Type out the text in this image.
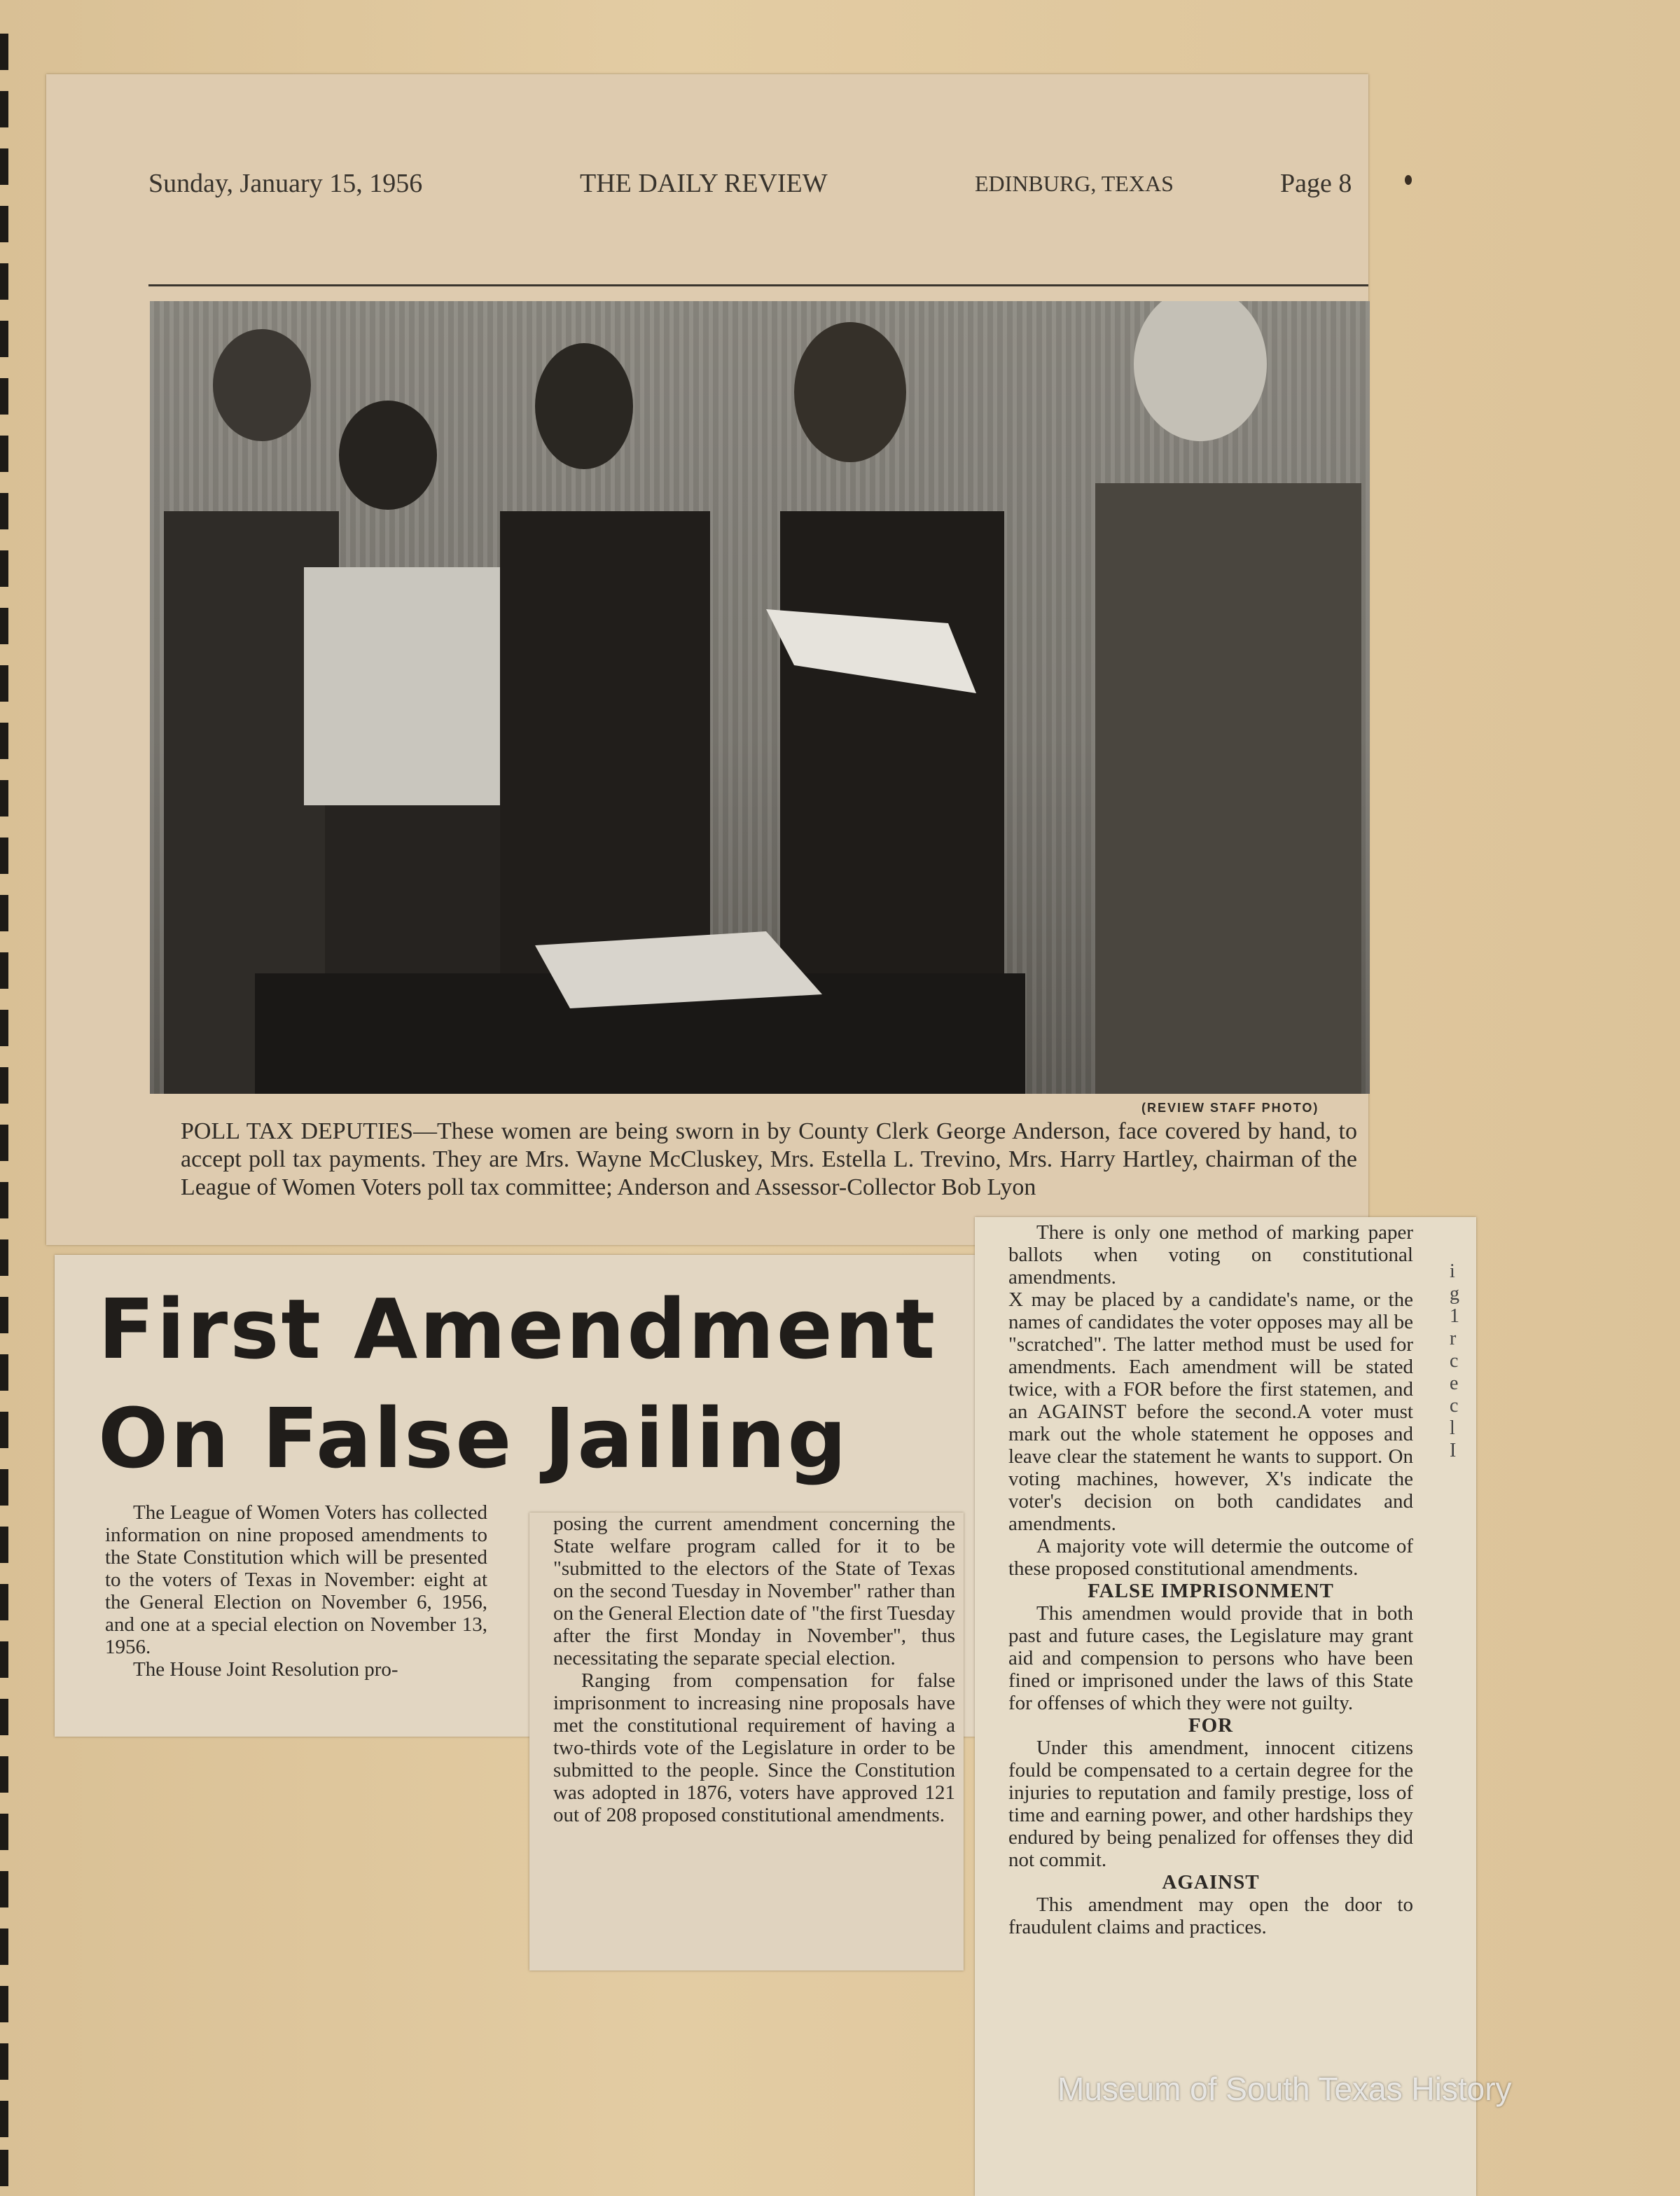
Sunday, January 15, 1956	THE DAILY REVIEW	EDINBURG, TEXAS	Page 8
(REVIEW STAFF PHOTO)
POLL TAX DEPUTIES—These women are being sworn in by County Clerk George Anderson, face covered by hand, to accept poll tax payments. They are Mrs. Wayne McCluskey, Mrs. Estella L. Trevino, Mrs. Harry Hartley, chairman of the League of Women Voters poll tax committee; Anderson and Assessor-Collector Bob Lyon
First Amendment
On False Jailing

The League of Women Voters has collected information on nine proposed amendments to the State Constitution which will be presented to the voters of Texas in November: eight at the General Election on November 6, 1956, and one at a special election on November 13, 1956.

The House Joint Resolution pro-

posing the current amendment concerning the State welfare program called for it to be "submitted to the electors of the State of Texas on the second Tuesday in November" rather than on the General Election date of "the first Tuesday after the first Monday in November", thus necessitating the separate special election.

Ranging from compensation for false imprisonment to increasing nine proposals have met the constitutional requirement of having a two-thirds vote of the Legislature in order to be submitted to the people. Since the Constitution was adopted in 1876, voters have approved 121 out of 208 proposed constitutional amendments.

There is only one method of marking paper ballots when voting on constitutional amendments.

X may be placed by a candidate's name, or the names of candidates the voter opposes may all be "scratched". The latter method must be used for amendments. Each amendment will be stated twice, with a FOR before the first statemen, and an AGAINST before the second.A voter must mark out the whole statement he opposes and leave clear the statement he wants to support. On voting machines, however, X's indicate the voter's decision on both candidates and amendments.

A majority vote will determie the outcome of these proposed constitutional amendments.

FALSE IMPRISONMENT

This amendmen would provide that in both past and future cases, the Legislature may grant aid and compension to persons who have been fined or imprisoned under the laws of this State for offenses of which they were not guilty.

FOR

Under this amendment, innocent citizens fould be compensated to a certain degree for the injuries to reputation and family prestige, loss of time and earning power, and other hardships they endured by being penalized for offenses they did not commit.

AGAINST

This amendment may open the door to fraudulent claims and practices.

i
g
1
r
c
e
c
l
I
Museum of South Texas History
